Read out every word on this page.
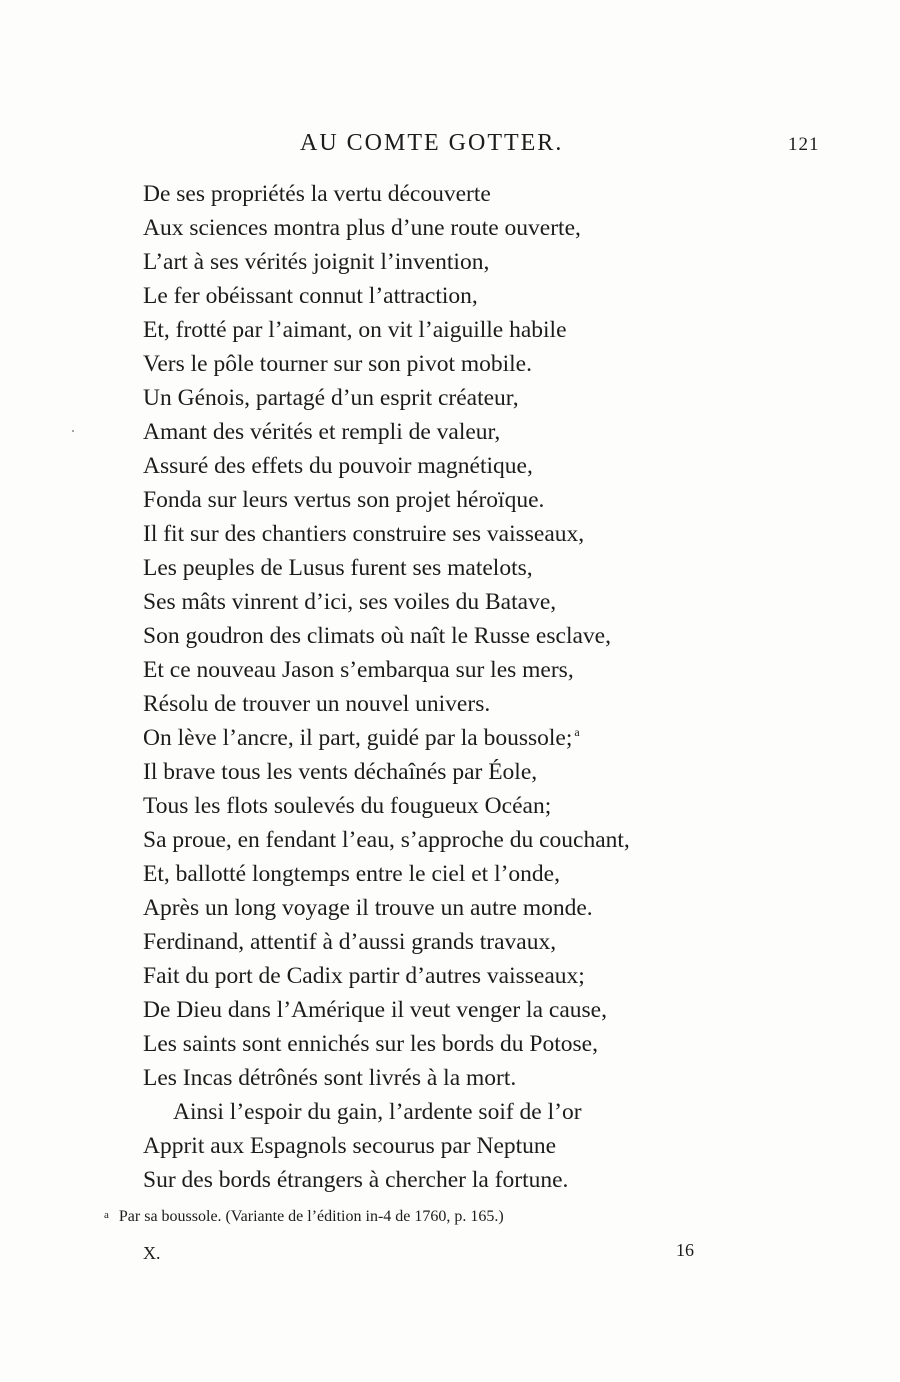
AU COMTE GOTTER.	121
De ses propriétés la vertu découverte
Aux sciences montra plus d’une route ouverte,
L’art à ses vérités joignit l’invention,
Le fer obéissant connut l’attraction,
Et, frotté par l’aimant, on vit l’aiguille habile
Vers le pôle tourner sur son pivot mobile.
Un Génois, partagé d’un esprit créateur,
Amant des vérités et rempli de valeur,
Assuré des effets du pouvoir magnétique,
Fonda sur leurs vertus son projet héroïque.
Il fit sur des chantiers construire ses vaisseaux,
Les peuples de Lusus furent ses matelots,
Ses mâts vinrent d’ici, ses voiles du Batave,
Son goudron des climats où naît le Russe esclave,
Et ce nouveau Jason s’embarqua sur les mers,
Résolu de trouver un nouvel univers.
On lève l’ancre, il part, guidé par la boussole; $^a$
Il brave tous les vents déchaînés par Éole,
Tous les flots soulevés du fougueux Océan;
Sa proue, en fendant l’eau, s’approche du couchant,
Et, ballotté longtemps entre le ciel et l’onde,
Après un long voyage il trouve un autre monde.
Ferdinand, attentif à d’aussi grands travaux,
Fait du port de Cadix partir d’autres vaisseaux;
De Dieu dans l’Amérique il veut venger la cause,
Les saints sont ennichés sur les bords du Potose,
Les Incas détrônés sont livrés à la mort.
Ainsi l’espoir du gain, l’ardente soif de l’or
Apprit aux Espagnols secourus par Neptune
Sur des bords étrangers à chercher la fortune.
a Par sa boussole. (Variante de l’édition in-4 de 1760, p. 165.)
X.	16
